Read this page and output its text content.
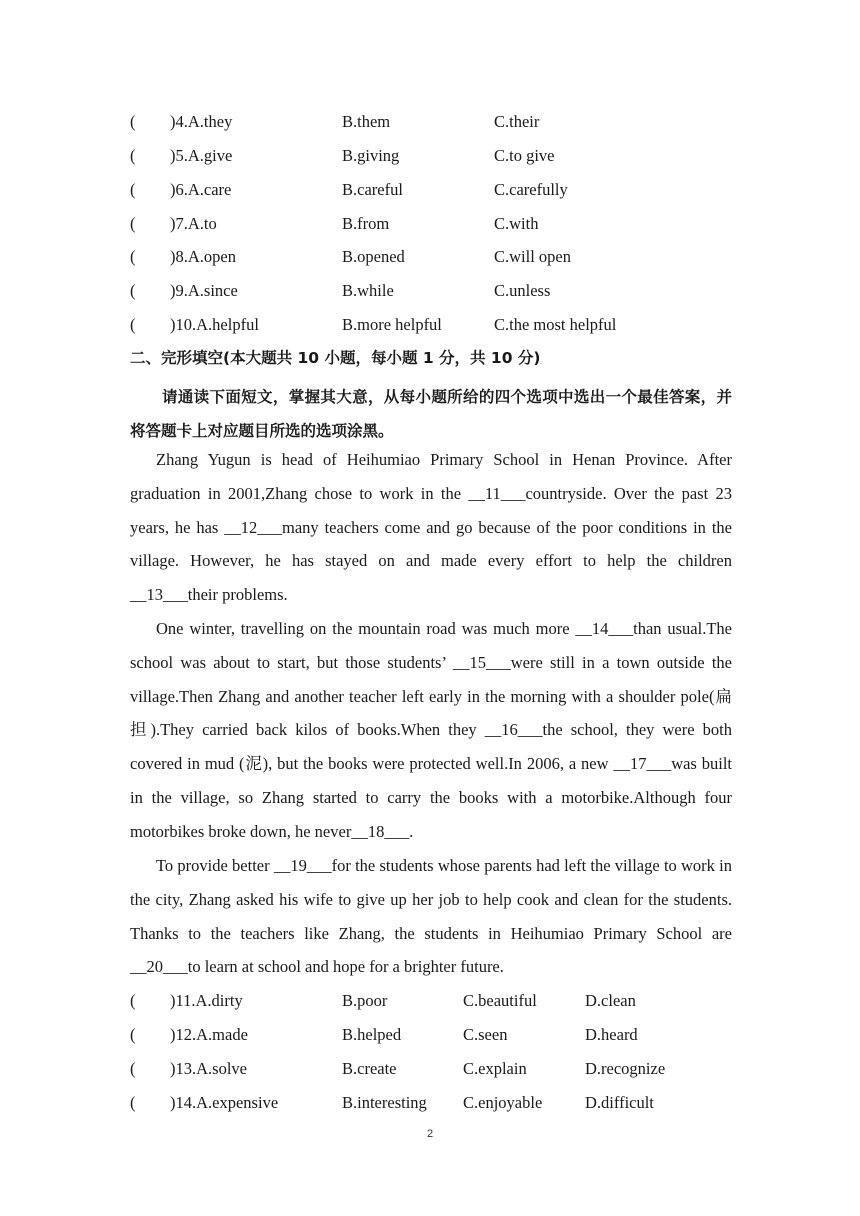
( )4.A.they	B.them	C.their
( )5.A.give	B.giving	C.to give
( )6.A.care	B.careful	C.carefully
( )7.A.to	B.from	C.with
( )8.A.open	B.opened	C.will open
( )9.A.since	B.while	C.unless
( )10.A.helpful	B.more helpful	C.the most helpful
二、完形填空(本大题共 10 小题，每小题 1 分，共 10 分)
请通读下面短文，掌握其大意，从每小题所给的四个选项中选出一个最佳答案，并将答题卡上对应题目所选的选项涂黑。
Zhang Yugun is head of Heihumiao Primary School in Henan Province. After graduation in 2001,Zhang chose to work in the __11___countryside. Over the past 23 years, he has __12___many teachers come and go because of the poor conditions in the village. However, he has stayed on and made every effort to help the children __13___their problems.
One winter, travelling on the mountain road was much more __14___than usual.The school was about to start, but those students’ __15___were still in a town outside the village.Then Zhang and another teacher left early in the morning with a shoulder pole(扁担).They carried back kilos of books.When they __16___the school, they were both covered in mud (泥), but the books were protected well.In 2006, a new __17___was built in the village, so Zhang started to carry the books with a motorbike.Although four motorbikes broke down, he never__18___.
To provide better __19___for the students whose parents had left the village to work in the city, Zhang asked his wife to give up her job to help cook and clean for the students. Thanks to the teachers like Zhang, the students in Heihumiao Primary School are __20___to learn at school and hope for a brighter future.
( )11.A.dirty	B.poor	C.beautiful	D.clean
( )12.A.made	B.helped	C.seen	D.heard
( )13.A.solve	B.create	C.explain	D.recognize
( )14.A.expensive	B.interesting C.enjoyable	D.difficult
2
